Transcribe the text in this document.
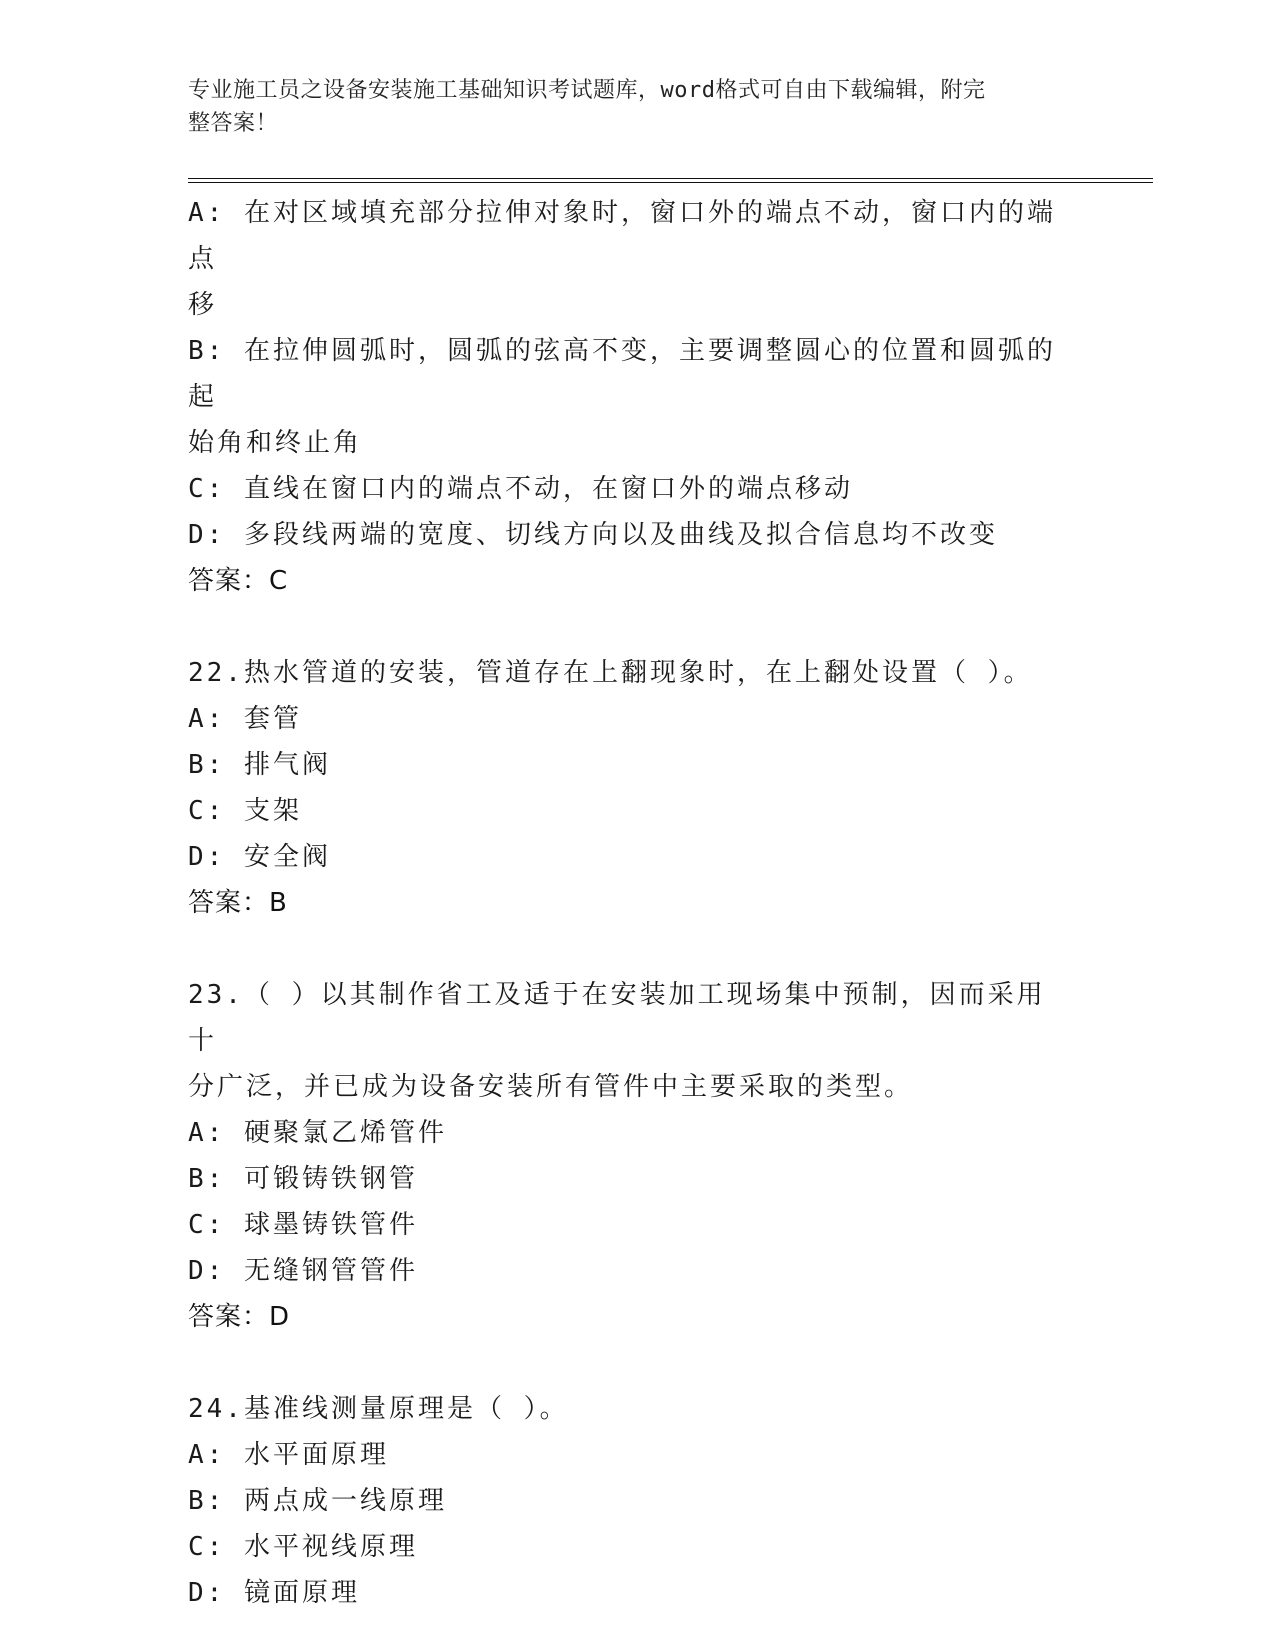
专业施工员之设备安装施工基础知识考试题库，word格式可自由下载编辑，附完
整答案！
A: 在对区域填充部分拉伸对象时，窗口外的端点不动，窗口内的端点
移
B: 在拉伸圆弧时，圆弧的弦高不变，主要调整圆心的位置和圆弧的起
始角和终止角
C: 直线在窗口内的端点不动，在窗口外的端点移动
D: 多段线两端的宽度、切线方向以及曲线及拟合信息均不改变
答案：C
22.热水管道的安装，管道存在上翻现象时，在上翻处设置（ ）。
A: 套管
B: 排气阀
C: 支架
D: 安全阀
答案：B
23.（ ）以其制作省工及适于在安装加工现场集中预制，因而采用十
分广泛，并已成为设备安装所有管件中主要采取的类型。
A: 硬聚氯乙烯管件
B: 可锻铸铁钢管
C: 球墨铸铁管件
D: 无缝钢管管件
答案：D
24.基准线测量原理是（ ）。
A: 水平面原理
B: 两点成一线原理
C: 水平视线原理
D: 镜面原理
